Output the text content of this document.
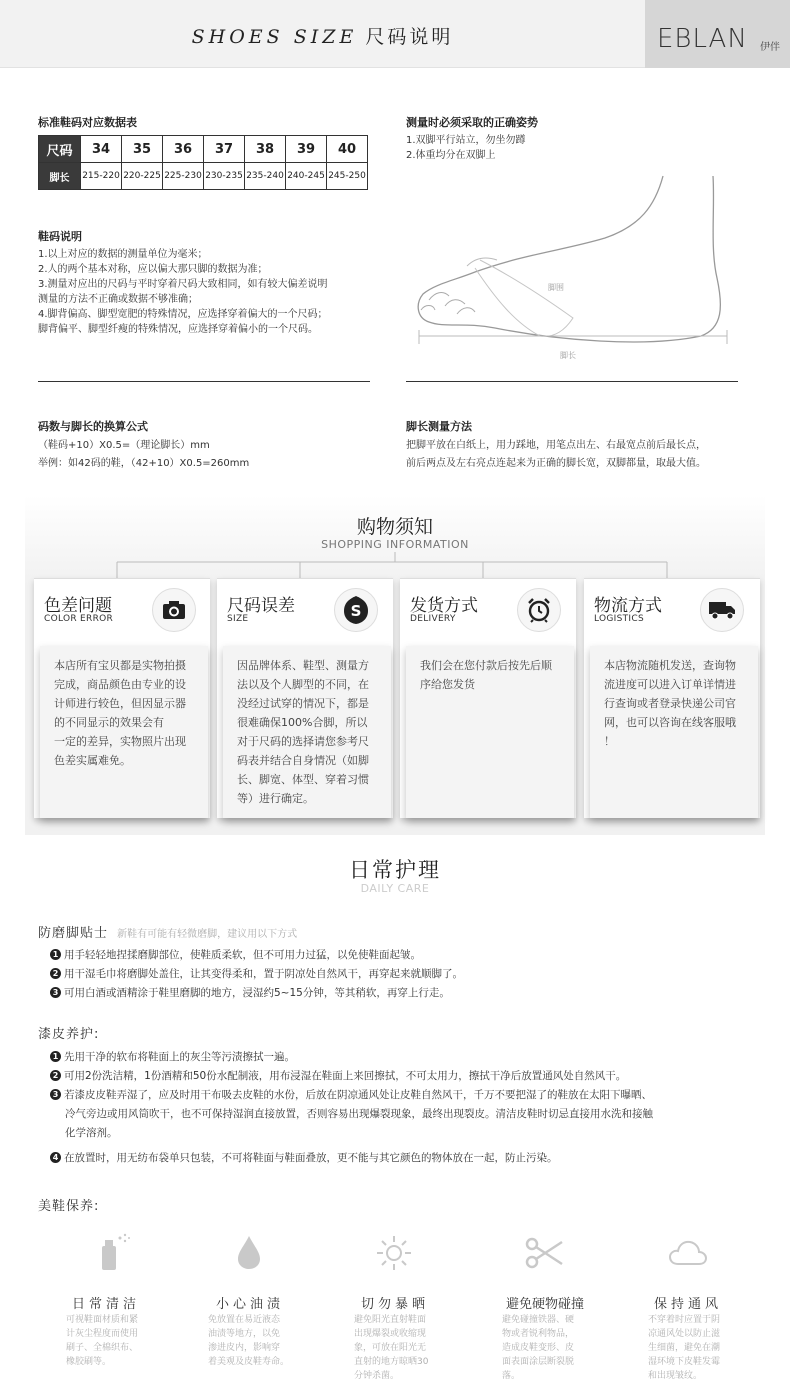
SHOES SIZE 尺码说明	EBLAN 伊伴
标准鞋码对应数据表
尺码	34	35	36	37	38	39	40
脚长	215-220	220-225	225-230	230-235	235-240	240-245	245-250
鞋码说明
1.以上对应的数据的测量单位为毫米；
2.人的两个基本对称，应以偏大那只脚的数据为准；
3.测量对应出的尺码与平时穿着尺码大致相同，如有较大偏差说明
测量的方法不正确或数据不够准确；
4.脚背偏高、脚型宽肥的特殊情况，应选择穿着偏大的一个尺码；
脚背偏平、脚型纤瘦的特殊情况，应选择穿着偏小的一个尺码。
测量时必须采取的正确姿势
1.双脚平行站立，勿坐勿蹲
2.体重均分在双脚上
脚围
脚长
码数与脚长的换算公式
（鞋码+10）X0.5=（理论脚长）mm
举例：如42码的鞋，（42+10）X0.5=260mm
脚长测量方法
把脚平放在白纸上，用力踩地，用笔点出左、右最宽点前后最长点，
前后两点及左右亮点连起来为正确的脚长宽，双脚都量，取最大值。
购物须知
SHOPPING INFORMATION
色差问题
COLOR ERROR
本店所有宝贝都是实物拍摄
完成，商品颜色由专业的设
计师进行较色，但因显示器
的不同显示的效果会有
一定的差异，实物照片出现
色差实属难免。
尺码误差
SIZE	S
因品牌体系、鞋型、测量方
法以及个人脚型的不同，在
没经过试穿的情况下，都是
很难确保100%合脚，所以
对于尺码的选择请您参考尺
码表并结合自身情况（如脚
长、脚宽、体型、穿着习惯
等）进行确定。
发货方式
DELIVERY
我们会在您付款后按先后顺
序给您发货
物流方式
LOGISTICS
本店物流随机发送，查询物
流进度可以进入订单详情进
行查询或者登录快递公司官
网，也可以咨询在线客服哦
！
日常护理
DAILY CARE
防磨脚贴士 新鞋有可能有轻微磨脚，建议用以下方式
1 用手轻轻地捏揉磨脚部位，使鞋质柔软，但不可用力过猛，以免使鞋面起皱。
2 用干湿毛巾将磨脚处盖住，让其变得柔和，置于阴凉处自然风干，再穿起来就顺脚了。
3 可用白酒或酒精涂于鞋里磨脚的地方，浸湿约5~15分钟，等其稍软，再穿上行走。
漆皮养护:
1 先用干净的软布将鞋面上的灰尘等污渍擦拭一遍。
2 可用2份洗洁精，1份酒精和50份水配制液，用布浸湿在鞋面上来回擦拭，不可太用力，擦拭干净后放置通风处自然风干。
3 若漆皮皮鞋弄湿了，应及时用干布吸去皮鞋的水份，后放在阴凉通风处让皮鞋自然风干，千万不要把湿了的鞋放在太阳下曝晒、
冷气旁边或用风筒吹干，也不可保持湿润直接放置，否则容易出现爆裂现象，最终出现裂皮。清洁皮鞋时切忌直接用水洗和接触
化学溶剂。
4 在放置时，用无纺布袋单只包装，不可将鞋面与鞋面叠放，更不能与其它颜色的物体放在一起，防止污染。
美鞋保养:
日常清洁	小心油渍	切勿暴晒	避免硬物碰撞	保持通风
可视鞋面材质和紧
计灰尘程度而使用
刷子、全棉织布、
橡胶刷等。
免放置在易近液态
油渍等地方，以免
渗进皮内，影响穿
着美观及皮鞋寿命。
避免阳光直射鞋面
出现爆裂或收缩现
象，可放在阳光无
直射的地方晾晒30
分钟杀菌。
避免碰撞铁器、硬
物或者锐利物品，
造成皮鞋变形、皮
面表面涂层断裂脱
落。
不穿着时应置于阴
凉通风处以防止滋
生细菌，避免在潮
湿环境下皮鞋发霉
和出现皱纹。
